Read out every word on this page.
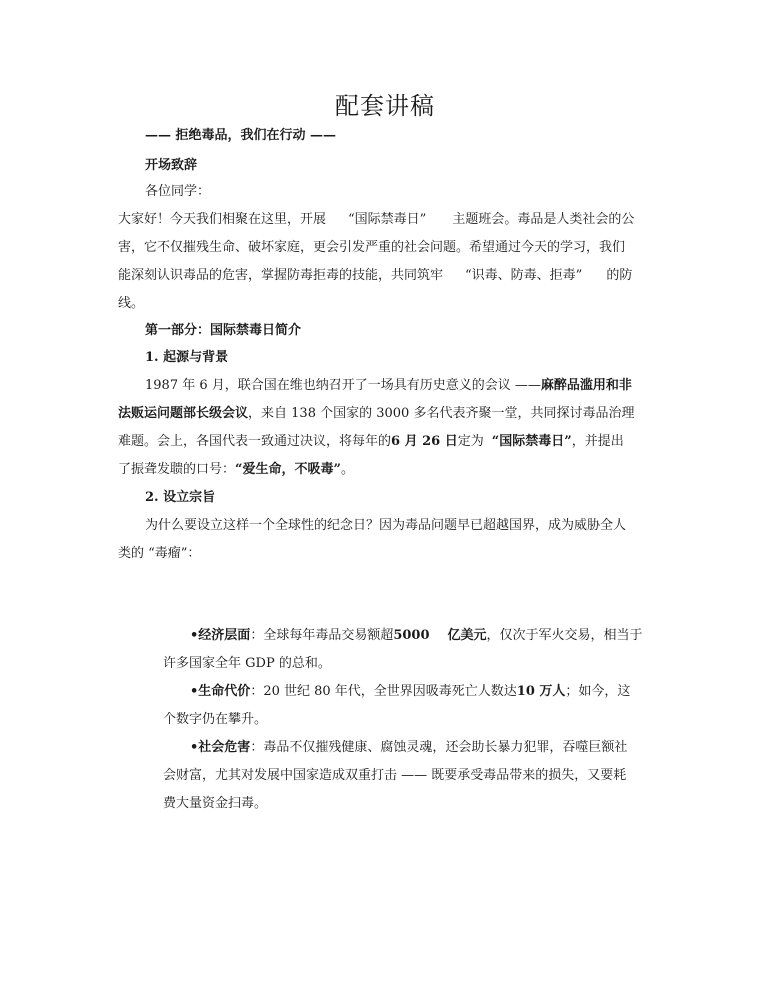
配套讲稿
—— 拒绝毒品，我们在行动 ——
开场致辞
各位同学：
大家好！今天我们相聚在这里，开展 “国际禁毒日” 主题班会。毒品是人类社会的公
害，它不仅摧残生命、破坏家庭，更会引发严重的社会问题。希望通过今天的学习，我们
能深刻认识毒品的危害，掌握防毒拒毒的技能，共同筑牢 “识毒、防毒、拒毒” 的防
线。
第一部分：国际禁毒日简介
1. 起源与背景
1987 年 6 月，联合国在维也纳召开了一场具有历史意义的会议 ——麻醉品滥用和非
法贩运问题部长级会议，来自 138 个国家的 3000 多名代表齐聚一堂，共同探讨毒品治理
难题。会上，各国代表一致通过决议，将每年的6 月 26 日定为 “国际禁毒日”，并提出
了振聋发聩的口号：“爱生命，不吸毒”。
2. 设立宗旨
为什么要设立这样一个全球性的纪念日？因为毒品问题早已超越国界，成为威胁全人
类的 “毒瘤”：
•经济层面：全球每年毒品交易额超5000 亿美元，仅次于军火交易，相当于
许多国家全年 GDP 的总和。
•生命代价：20 世纪 80 年代，全世界因吸毒死亡人数达10 万人；如今，这
个数字仍在攀升。
•社会危害：毒品不仅摧残健康、腐蚀灵魂，还会助长暴力犯罪，吞噬巨额社
会财富，尤其对发展中国家造成双重打击 —— 既要承受毒品带来的损失，又要耗
费大量资金扫毒。
